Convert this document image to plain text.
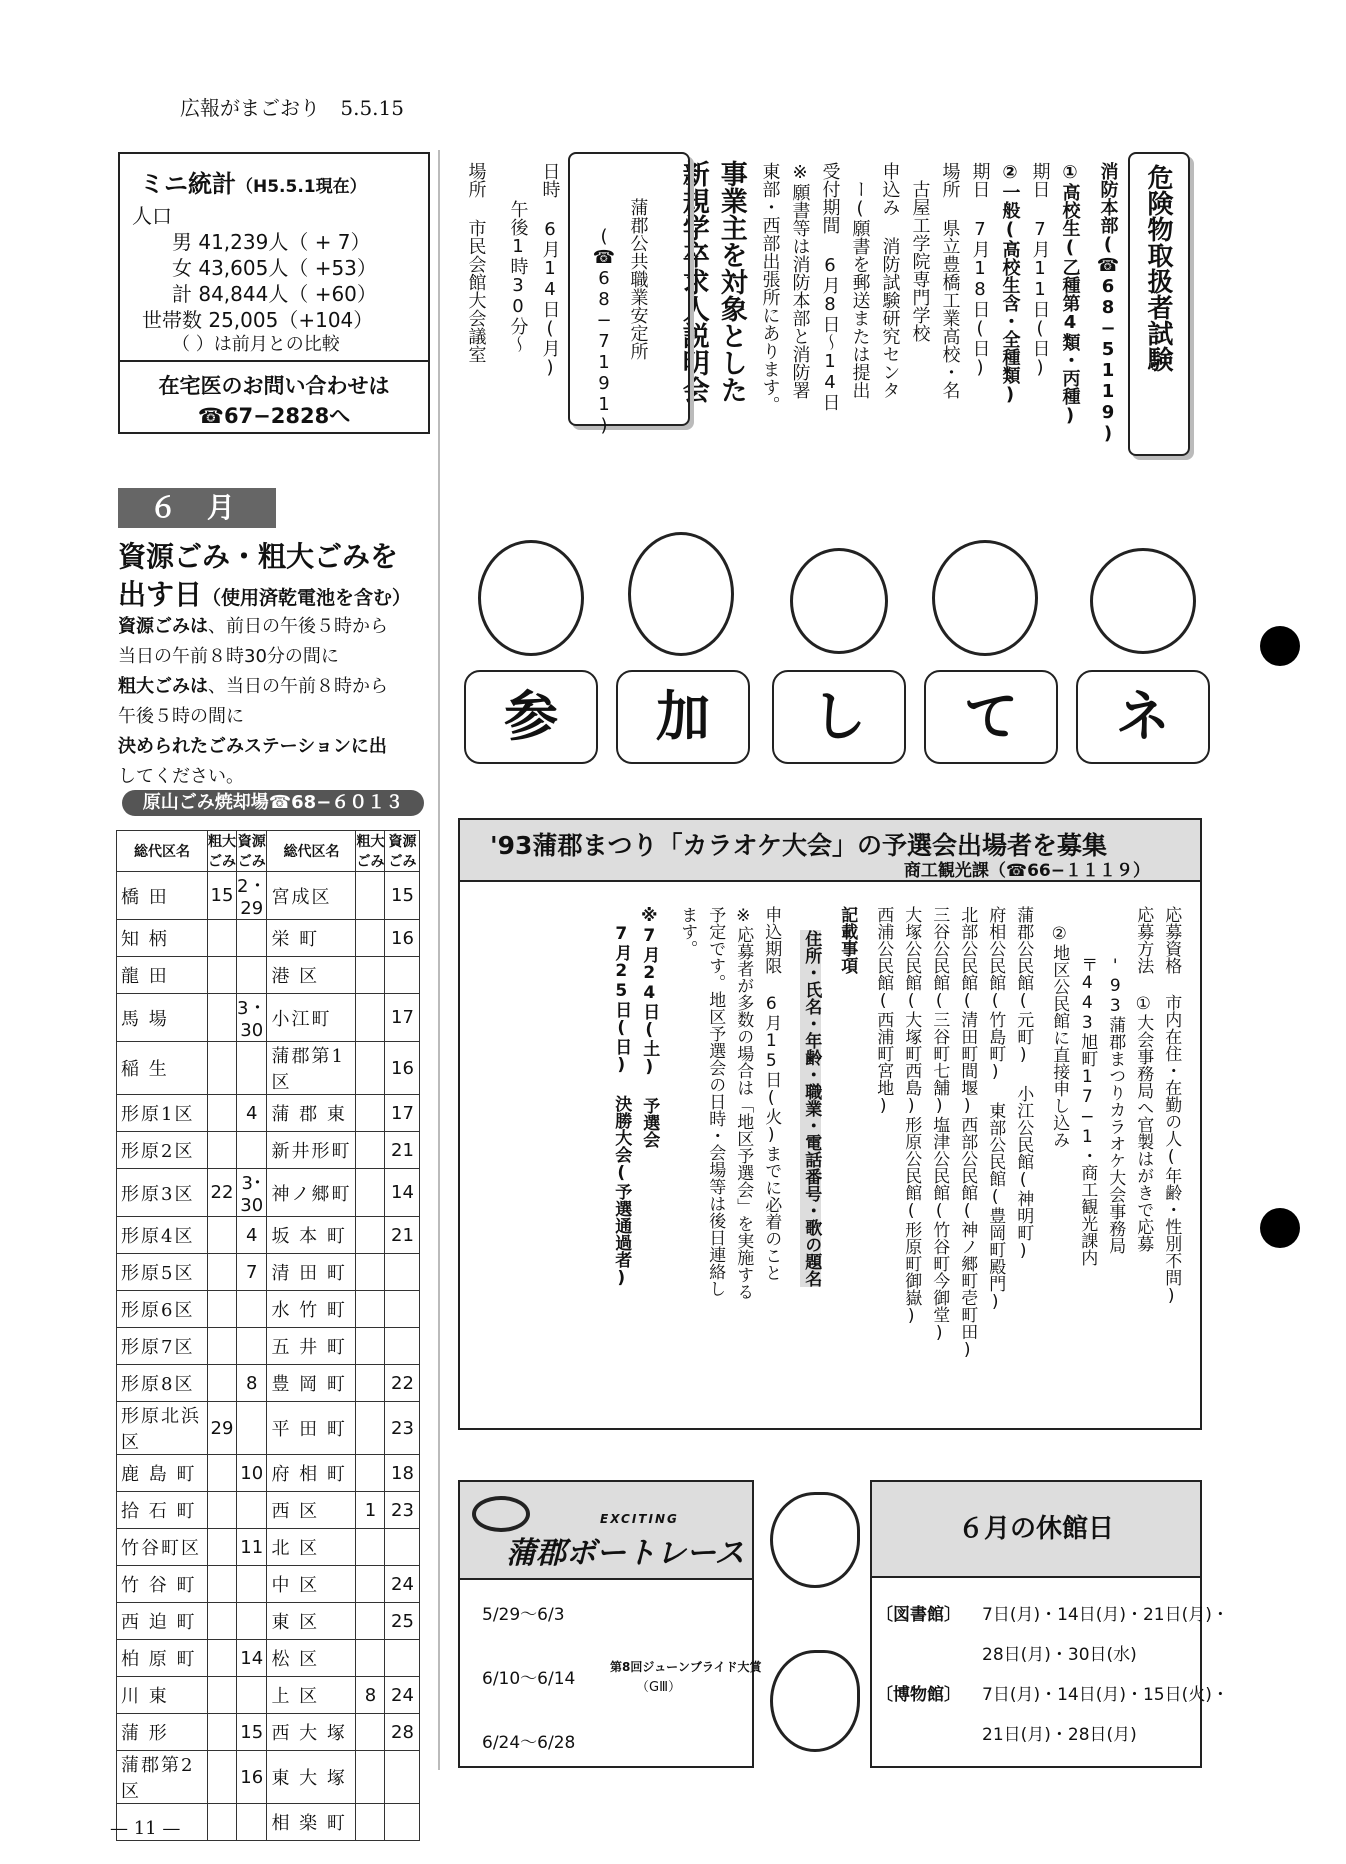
広報がまごおり 5.5.15
ミニ統計（H5.5.1現在）
人口
男 41,239人（ + 7）
女 43,605人（ +53）
計 84,844人（ +60）
世帯数 25,005（+104）
（ ）は前月との比較
在宅医のお問い合わせは
☎67−2828へ
６ 月
資源ごみ・粗大ごみを
出す日（使用済乾電池を含む）
資源ごみは、前日の午後５時から
当日の午前８時30分の間に
粗大ごみは、当日の午前８時から
午後５時の間に
決められたごみステーションに出
してください。
原山ごみ焼却場☎68−６０１３
総代区名	粗大ごみ	資源ごみ	総代区名	粗大ごみ	資源ごみ
橋 田	15	2・29	宮成区		15
知 柄			栄 町		16
龍 田			港 区		
馬 場		3・30	小江町		17
稲 生			蒲郡第1区		16
形原1区		4	蒲 郡 東		17
形原2区			新井形町		21
形原3区	22	3･30	神ノ郷町		14
形原4区		4	坂 本 町		21
形原5区		7	清 田 町		
形原6区			水 竹 町		
形原7区			五 井 町		
形原8区		8	豊 岡 町		22
形原北浜区	29		平 田 町		23
鹿 島 町		10	府 相 町		18
拾 石 町			西 区	1	23
竹谷町区		11	北 区		
竹 谷 町			中 区		24
西 迫 町			東 区		25
柏 原 町		14	松 区		
川 東			上 区	8	24
蒲 形		15	西 大 塚		28
蒲郡第2区		16	東 大 塚		
			相 楽 町		
危険物取扱者試験
消防本部(☎68−5119)
①高校生(乙種第4類・丙種)
期日 7月11日(日)
②一般(高校生含・全種類)
期日 7月18日(日)
場所 県立豊橋工業高校・名
古屋工学院専門学校
申込み 消防試験研究センタ
ー(願書を郵送または提出
受付期間 6月8日〜14日
※願書等は消防本部と消防署
東部・西部出張所にあります。
事業主を対象とした
新規学卒求人説明会
蒲郡公共職業安定所
(☎68−7191)
日時 6月14日(月)
午後1時30分〜
場所 市民会館大会議室
参	加	し	て	ネ
'93蒲郡まつり「カラオケ大会」の予選会出場者を募集
商工観光課（☎66−１１１９）
応募資格 市内在住・在勤の人(年齢・性別不問)
応募方法 ①大会事務局へ官製はがきで応募
'93蒲郡まつりカラオケ大会事務局
〒443旭町17−1・商工観光課内
②地区公民館に直接申し込み
蒲郡公民館(元町) 小江公民館(神明町)
府相公民館(竹島町) 東部公民館(豊岡町殿門)
北部公民館(清田町間堰)西部公民館(神ノ郷町壱町田)
三谷公民館(三谷町七舗)塩津公民館(竹谷町今御堂)
大塚公民館(大塚町西島)形原公民館(形原町御嶽)
西浦公民館(西浦町宮地)
記載事項
住所・氏名・年齢・職業・電話番号・歌の題名
申込期限 6月15日(火)までに必着のこと
※応募者が多数の場合は「地区予選会」を実施する
予定です。地区予選会の日時・会場等は後日連絡し
ます。
※7月24日(土) 予選会
7月25日(日) 決勝大会(予選通過者)
EXCITING
蒲郡ボートレース
5/29〜6/3
6/10〜6/14
第8回ジューンブライド大賞
（GⅢ）
6/24〜6/28
６月の休館日
〔図書館〕 7日(月)・14日(月)・21日(月)・
28日(月)・30日(水)
〔博物館〕 7日(月)・14日(月)・15日(火)・
21日(月)・28日(月)
— 11 —
